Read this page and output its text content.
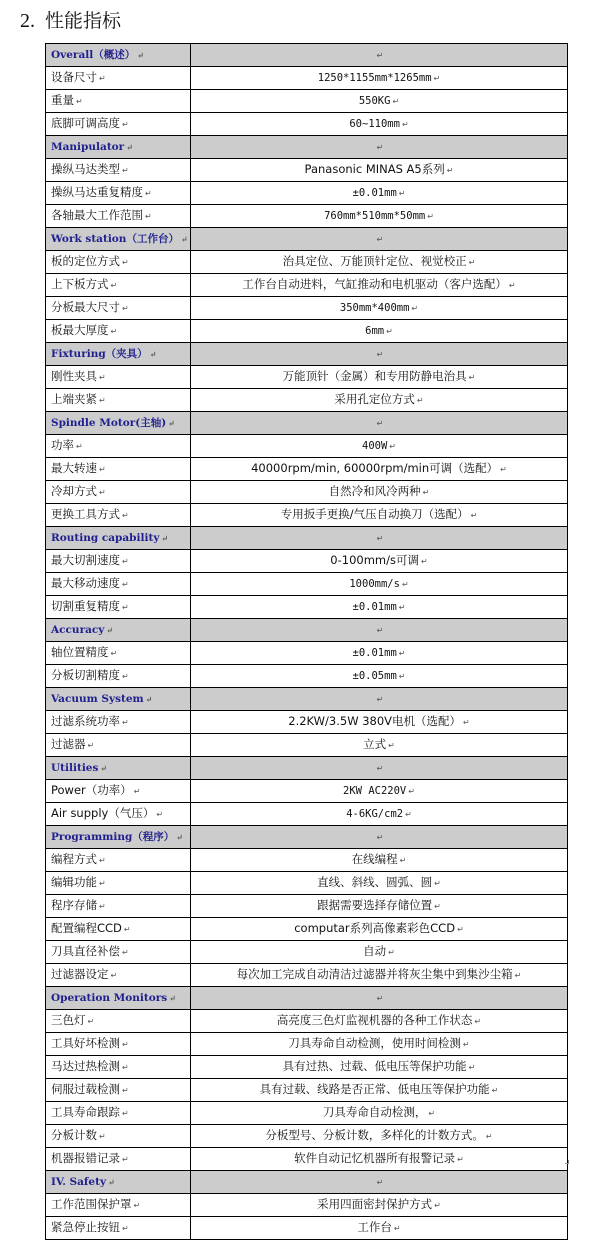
2. 性能指标
Overall（概述） ↵	↵
设备尺寸 ↵	1250*1155mm*1265mm ↵
重量 ↵	550KG ↵
底脚可调高度 ↵	60~110mm ↵
Manipulator ↵	↵
操纵马达类型 ↵	Panasonic MINAS A5系列 ↵
操纵马达重复精度 ↵	±0.01mm ↵
各轴最大工作范围 ↵	760mm*510mm*50mm ↵
Work station（工作台） ↵	↵
板的定位方式 ↵	治具定位、万能顶针定位、视觉校正 ↵
上下板方式 ↵	工作台自动进料，气缸推动和电机驱动（客户选配） ↵
分板最大尺寸 ↵	350mm*400mm ↵
板最大厚度 ↵	6mm ↵
Fixturing（夹具） ↵	↵
刚性夹具 ↵	万能顶针（金属）和专用防静电治具 ↵
上端夹紧 ↵	采用孔定位方式 ↵
Spindle Motor(主轴) ↵	↵
功率 ↵	400W ↵
最大转速 ↵	40000rpm/min, 60000rpm/min可调（选配） ↵
冷却方式 ↵	自然冷和风冷两种 ↵
更换工具方式 ↵	专用扳手更换/气压自动换刀（选配） ↵
Routing capability ↵	↵
最大切割速度 ↵	0-100mm/s可调 ↵
最大移动速度 ↵	1000mm/s ↵
切割重复精度 ↵	±0.01mm ↵
Accuracy ↵	↵
轴位置精度 ↵	±0.01mm ↵
分板切割精度 ↵	±0.05mm ↵
Vacuum System ↵	↵
过滤系统功率 ↵	2.2KW/3.5W 380V电机（选配） ↵
过滤器 ↵	立式 ↵
Utilities ↵	↵
Power（功率） ↵	2KW AC220V ↵
Air supply（气压） ↵	4-6KG/cm2 ↵
Programming（程序） ↵	↵
编程方式 ↵	在线编程 ↵
编辑功能 ↵	直线、斜线、圆弧、圆 ↵
程序存储 ↵	跟据需要选择存储位置 ↵
配置编程CCD ↵	computar系列高像素彩色CCD ↵
刀具直径补偿 ↵	自动 ↵
过滤器设定 ↵	每次加工完成自动清洁过滤器并将灰尘集中到集沙尘箱 ↵
Operation Monitors ↵	↵
三色灯 ↵	高亮度三色灯监视机器的各种工作状态 ↵
工具好坏检测 ↵	刀具寿命自动检测，使用时间检测 ↵
马达过热检测 ↵	具有过热、过载、低电压等保护功能 ↵
伺服过载检测 ↵	具有过载、线路是否正常、低电压等保护功能 ↵
工具寿命跟踪 ↵	刀具寿命自动检测， ↵
分板计数 ↵	分板型号、分板计数，多样化的计数方式。 ↵
机器报错记录 ↵	软件自动记忆机器所有报警记录 ↵
IV. Safety ↵	↵
工作范围保护罩 ↵	采用四面密封保护方式 ↵
紧急停止按钮 ↵	工作台 ↵
